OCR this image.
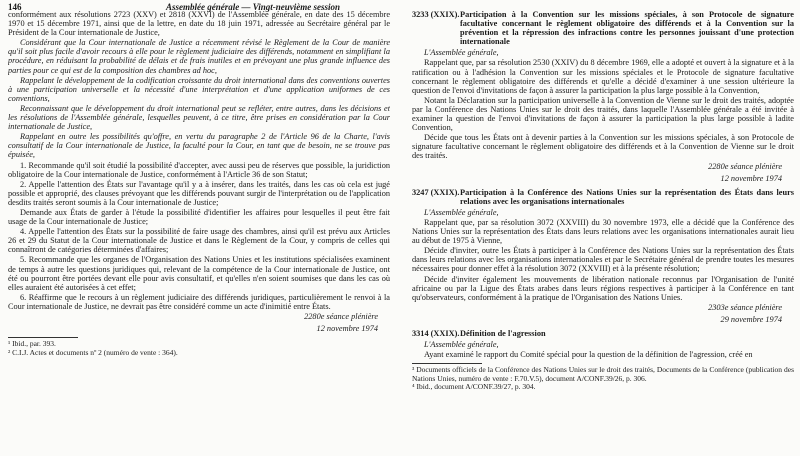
146	Assemblée générale — Vingt-neuvième session

conformément aux résolutions 2723 (XXV) et 2818 (XXVI) de l'Assemblée générale, en date des 15 décembre 1970 et 15 décembre 1971, ainsi que de la lettre, en date du 18 juin 1971, adressée au Secrétaire général par le Président de la Cour internationale de Justice,

Considérant que la Cour internationale de Justice a récemment révisé le Règlement de la Cour de manière qu'il soit plus facile d'avoir recours à elle pour le règlement judiciaire des différends, notamment en simplifiant la procédure, en réduisant la probabilité de délais et de frais inutiles et en prévoyant une plus grande influence des parties pour ce qui est de la composition des chambres ad hoc,

Rappelant le développement de la codification croissante du droit international dans des conventions ouvertes à une participation universelle et la nécessité d'une interprétation et d'une application uniformes de ces conventions,

Reconnaissant que le développement du droit international peut se refléter, entre autres, dans les décisions et les résolutions de l'Assemblée générale, lesquelles peuvent, à ce titre, être prises en considération par la Cour internationale de Justice,

Rappelant en outre les possibilités qu'offre, en vertu du paragraphe 2 de l'Article 96 de la Charte, l'avis consultatif de la Cour internationale de Justice, la faculté pour la Cour, en tant que de besoin, ne se trouve pas épuisée,

1. Recommande qu'il soit étudié la possibilité d'accepter, avec aussi peu de réserves que possible, la juridiction obligatoire de la Cour internationale de Justice, conformément à l'Article 36 de son Statut;

2. Appelle l'attention des États sur l'avantage qu'il y a à insérer, dans les traités, dans les cas où cela est jugé possible et approprié, des clauses prévoyant que les différends pouvant surgir de l'interprétation ou de l'application desdits traités seront soumis à la Cour internationale de Justice;

Demande aux États de garder à l'étude la possibilité d'identifier les affaires pour lesquelles il peut être fait usage de la Cour internationale de Justice;

4. Appelle l'attention des États sur la possibilité de faire usage des chambres, ainsi qu'il est prévu aux Articles 26 et 29 du Statut de la Cour internationale de Justice et dans le Règlement de la Cour, y compris de celles qui connaîtront de catégories déterminées d'affaires;

5. Recommande que les organes de l'Organisation des Nations Unies et les institutions spécialisées examinent de temps à autre les questions juridiques qui, relevant de la compétence de la Cour internationale de Justice, ont été ou pourront être portées devant elle pour avis consultatif, et qu'elles n'en soient soumises que dans les cas où elles auraient été autorisées à cet effet;

6. Réaffirme que le recours à un règlement judiciaire des différends juridiques, particulièrement le renvoi à la Cour internationale de Justice, ne devrait pas être considéré comme un acte d'inimitié entre États.

2280e séance plénière

12 novembre 1974

¹ Ibid., par. 393.

² C.I.J. Actes et documents nº 2 (numéro de vente : 364).

3233 (XXIX). Participation à la Convention sur les missions spéciales, à son Protocole de signature facultative concernant le règlement obligatoire des différends et à la Convention sur la prévention et la répression des infractions contre les personnes jouissant d'une protection internationale

L'Assemblée générale,

Rappelant que, par sa résolution 2530 (XXIV) du 8 décembre 1969, elle a adopté et ouvert à la signature et à la ratification ou à l'adhésion la Convention sur les missions spéciales et le Protocole de signature facultative concernant le règlement obligatoire des différends et qu'elle a décidé d'examiner à une session ultérieure la question de l'envoi d'invitations de façon à assurer la participation la plus large possible à la Convention,

Notant la Déclaration sur la participation universelle à la Convention de Vienne sur le droit des traités, adoptée par la Conférence des Nations Unies sur le droit des traités, dans laquelle l'Assemblée générale a été invitée à examiner la question de l'envoi d'invitations de façon à assurer la participation la plus large possible à ladite Convention,

Décide que tous les États ont à devenir parties à la Convention sur les missions spéciales, à son Protocole de signature facultative concernant le règlement obligatoire des différends et à la Convention de Vienne sur le droit des traités.

2280e séance plénière

12 novembre 1974

3247 (XXIX). Participation à la Conférence des Nations Unies sur la représentation des États dans leurs relations avec les organisations internationales

L'Assemblée générale,

Rappelant que, par sa résolution 3072 (XXVIII) du 30 novembre 1973, elle a décidé que la Conférence des Nations Unies sur la représentation des États dans leurs relations avec les organisations internationales aurait lieu au début de 1975 à Vienne,

Décide d'inviter, outre les États à participer à la Conférence des Nations Unies sur la représentation des États dans leurs relations avec les organisations internationales et par le Secrétaire général de prendre toutes les mesures nécessaires pour donner effet à la résolution 3072 (XXVIII) et à la présente résolution;

Décide d'inviter également les mouvements de libération nationale reconnus par l'Organisation de l'unité africaine ou par la Ligue des États arabes dans leurs régions respectives à participer à la Conférence en tant qu'observateurs, conformément à la pratique de l'Organisation des Nations Unies.

2303e séance plénière

29 novembre 1974

3314 (XXIX). Définition de l'agression

L'Assemblée générale,

Ayant examiné le rapport du Comité spécial pour la question de la définition de l'agression, créé en

³ Documents officiels de la Conférence des Nations Unies sur le droit des traités, Documents de la Conférence (publication des Nations Unies, numéro de vente : F.70.V.5), document A/CONF.39/26, p. 306.

⁴ Ibid., document A/CONF.39/27, p. 304.
